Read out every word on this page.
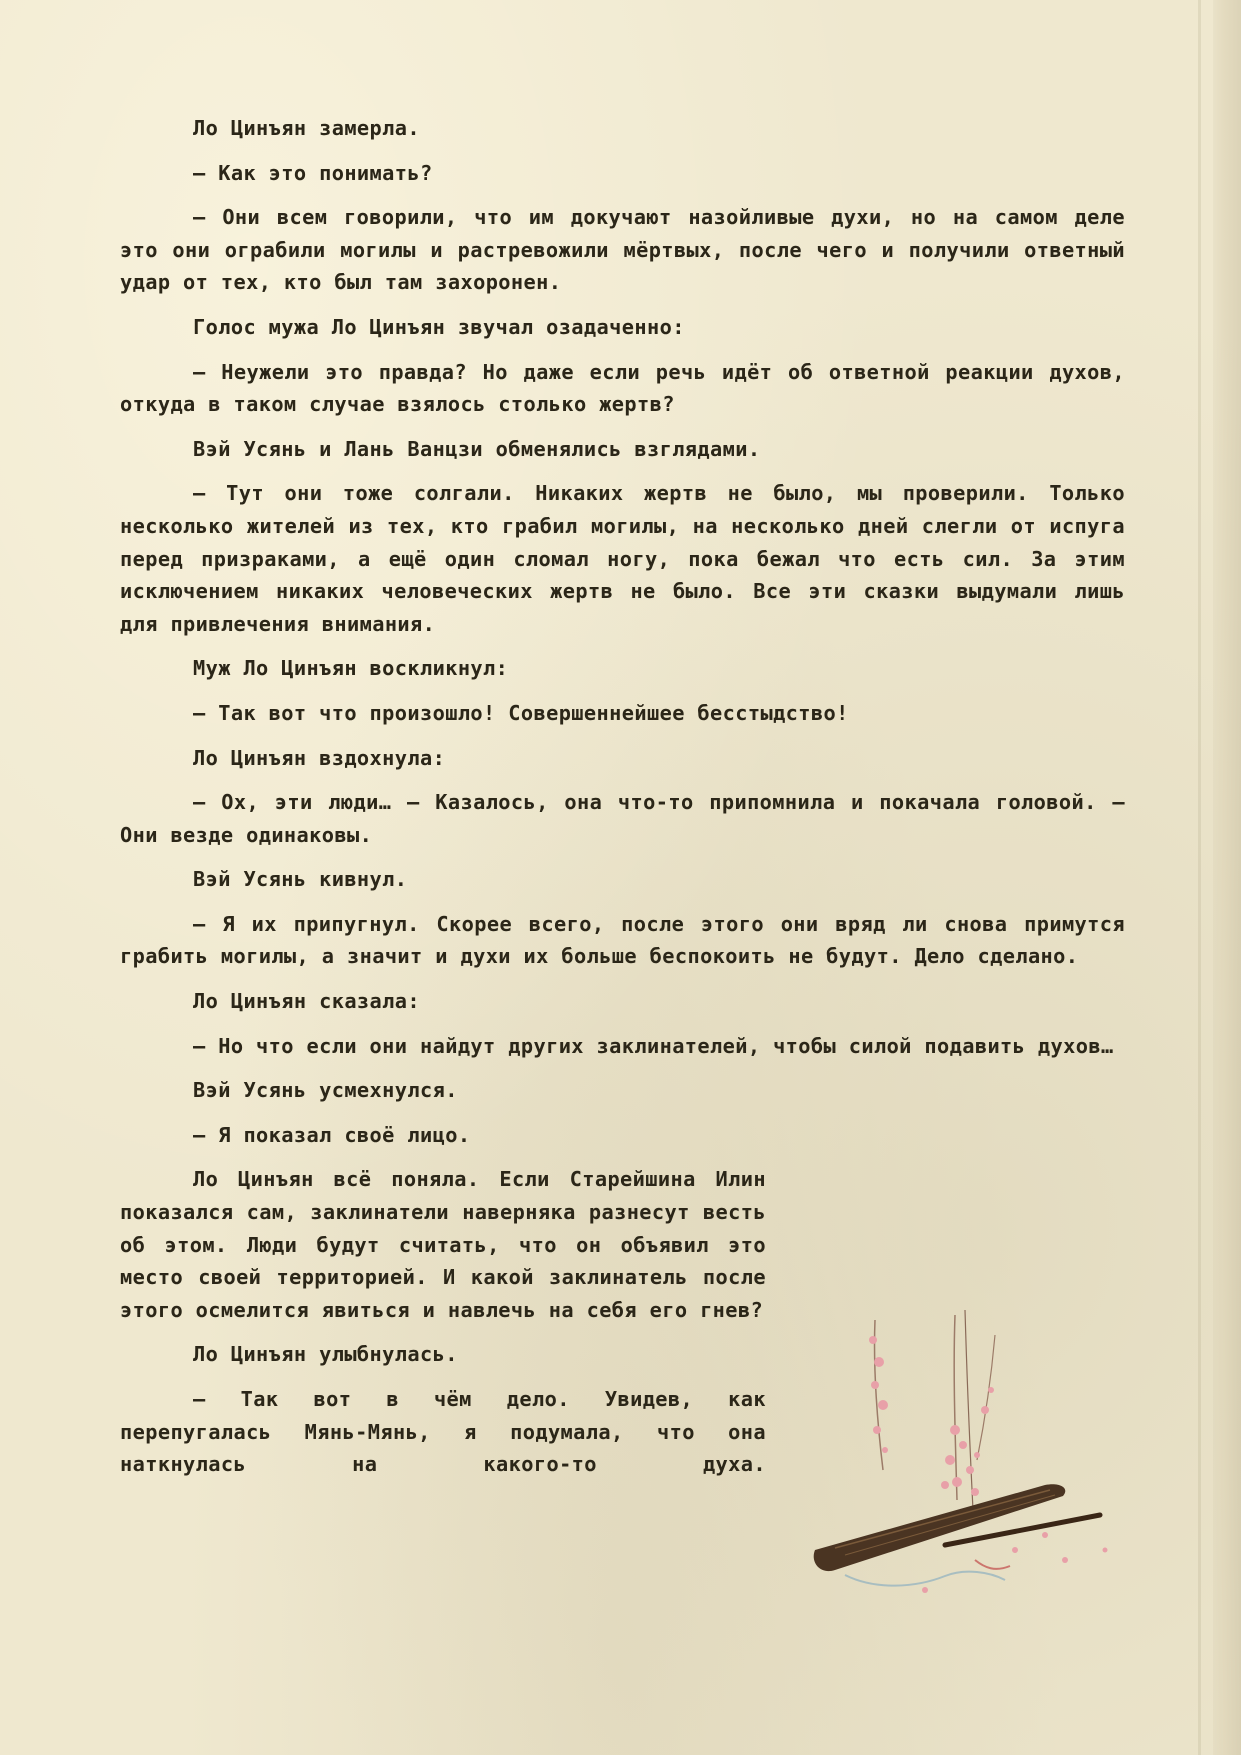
Ло Цинъян замерла.

— Как это понимать?

— Они всем говорили, что им докучают назойливые духи, но на самом деле это они ограбили могилы и растревожили мёртвых, после чего и получили ответный удар от тех, кто был там захоронен.

Голос мужа Ло Цинъян звучал озадаченно:

— Неужели это правда? Но даже если речь идёт об ответной реакции духов, откуда в таком случае взялось столько жертв?

Вэй Усянь и Лань Ванцзи обменялись взглядами.

— Тут они тоже солгали. Никаких жертв не было, мы проверили. Только несколько жителей из тех, кто грабил могилы, на несколько дней слегли от испуга перед призраками, а ещё один сломал ногу, пока бежал что есть сил. За этим исключением никаких человеческих жертв не было. Все эти сказки выдумали лишь для привлечения внимания.

Муж Ло Цинъян воскликнул:

— Так вот что произошло! Совершеннейшее бесстыдство!

Ло Цинъян вздохнула:

— Ох, эти люди… — Казалось, она что-то припомнила и покачала головой. — Они везде одинаковы.

Вэй Усянь кивнул.

— Я их припугнул. Скорее всего, после этого они вряд ли снова примутся грабить могилы, а значит и духи их больше беспокоить не будут. Дело сделано.

Ло Цинъян сказала:

— Но что если они найдут других заклинателей, чтобы силой подавить духов…

Вэй Усянь усмехнулся.

— Я показал своё лицо.

Ло Цинъян всё поняла. Если Старейшина Илин показался сам, заклинатели наверняка разнесут весть об этом. Люди будут считать, что он объявил это место своей территорией. И какой заклинатель после этого осмелится явиться и навлечь на себя его гнев?

Ло Цинъян улыбнулась.

— Так вот в чём дело. Увидев, как перепугалась Мянь-Мянь, я подумала, что она наткнулась на какого-то духа.
